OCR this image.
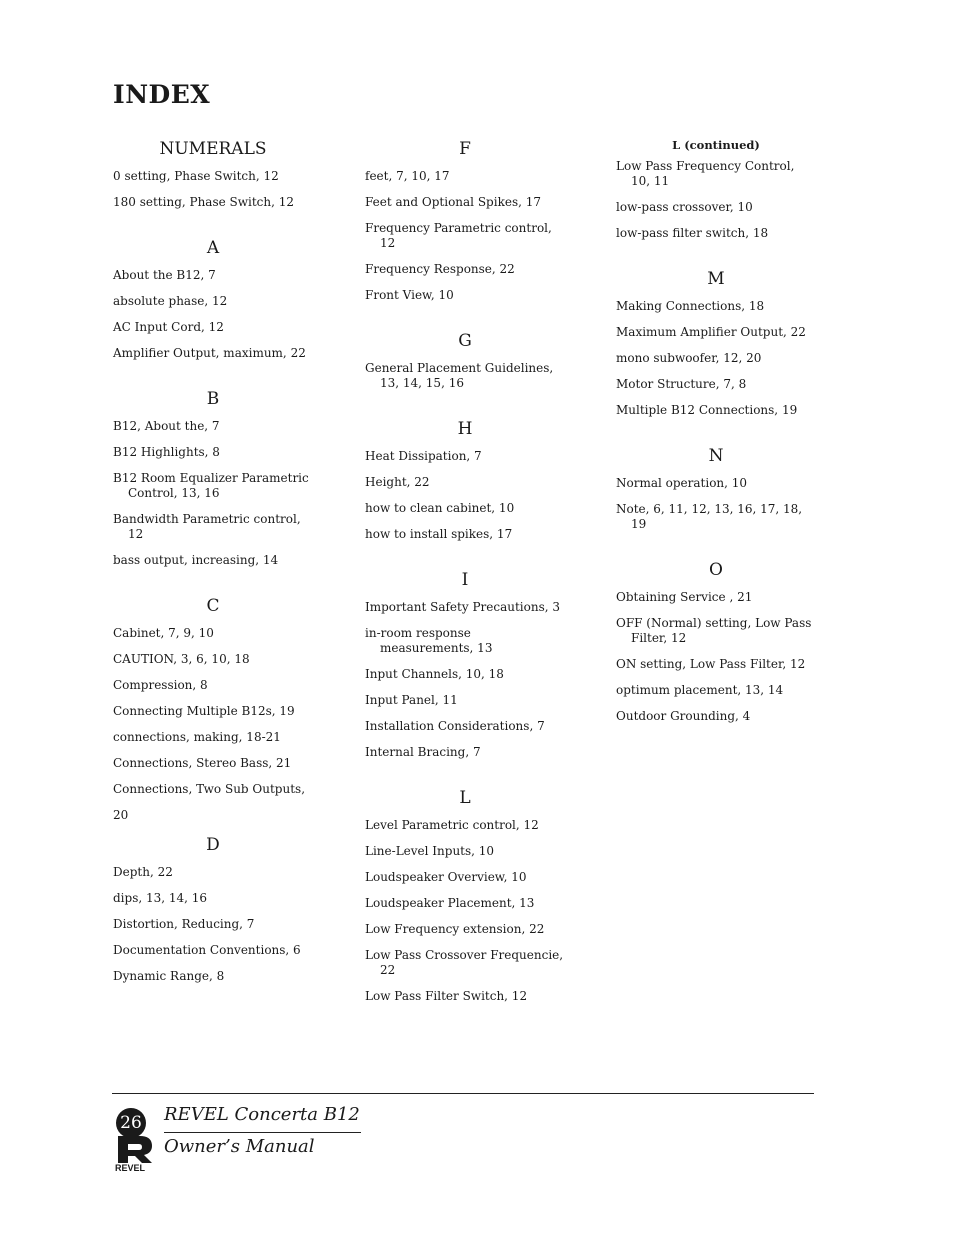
INDEX
NUMERALS
0 setting, Phase Switch, 12
180 setting, Phase Switch, 12
A
About the B12, 7
absolute phase, 12
AC Input Cord, 12
Amplifier Output, maximum, 22
B
B12, About the, 7
B12 Highlights, 8
B12 Room Equalizer Parametric Control, 13, 16
Bandwidth Parametric control, 12
bass output, increasing, 14
C
Cabinet, 7, 9, 10
CAUTION, 3, 6, 10, 18
Compression, 8
Connecting Multiple B12s, 19
connections, making, 18-21
Connections, Stereo Bass, 21
Connections, Two Sub Outputs,
20
D
Depth, 22
dips, 13, 14, 16
Distortion, Reducing, 7
Documentation Conventions, 6
Dynamic Range, 8
F
feet, 7, 10, 17
Feet and Optional Spikes, 17
Frequency Parametric control, 12
Frequency Response, 22
Front View, 10
G
General Placement Guidelines, 13, 14, 15, 16
H
Heat Dissipation, 7
Height, 22
how to clean cabinet, 10
how to install spikes, 17
I
Important Safety Precautions, 3
in-room response measurements, 13
Input Channels, 10, 18
Input Panel, 11
Installation Considerations, 7
Internal Bracing, 7
L
Level Parametric control, 12
Line-Level Inputs, 10
Loudspeaker Overview, 10
Loudspeaker Placement, 13
Low Frequency extension, 22
Low Pass Crossover Frequencie, 22
Low Pass Filter Switch, 12
L (continued)
Low Pass Frequency Control, 10, 11
low-pass crossover, 10
low-pass filter switch, 18
M
Making Connections, 18
Maximum Amplifier Output, 22
mono subwoofer, 12, 20
Motor Structure, 7, 8
Multiple B12 Connections, 19
N
Normal operation, 10
Note, 6, 11, 12, 13, 16, 17, 18, 19
O
Obtaining Service , 21
OFF (Normal) setting, Low Pass Filter, 12
ON setting, Low Pass Filter, 12
optimum placement, 13, 14
Outdoor Grounding, 4
REVEL
26 REVEL Concerta B12
Owner’s Manual
